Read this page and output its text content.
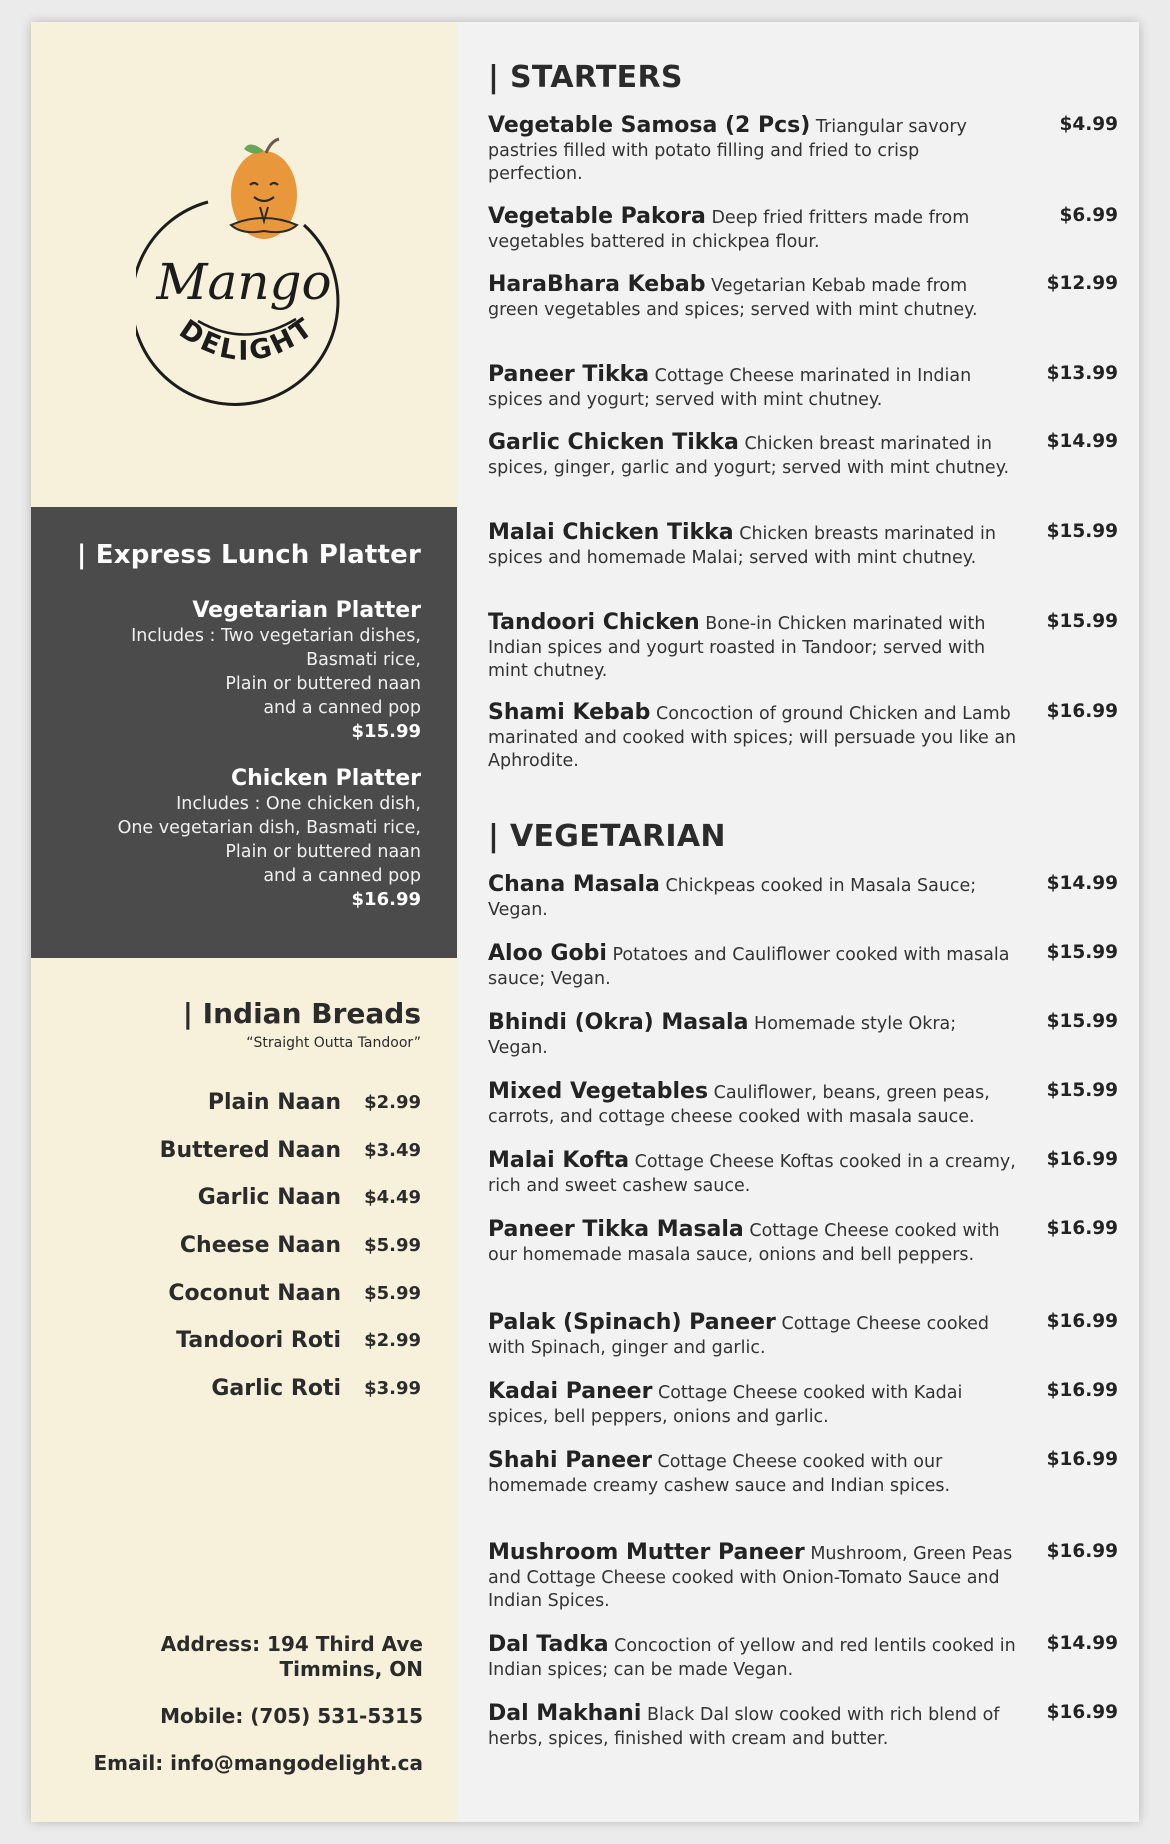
Mango
DELIGHT
| Express Lunch Platter
Vegetarian Platter
Includes : Two vegetarian dishes,
Basmati rice,
Plain or buttered naan
and a canned pop
$15.99
Chicken Platter
Includes : One chicken dish,
One vegetarian dish, Basmati rice,
Plain or buttered naan
and a canned pop
$16.99
| Indian Breads
“Straight Outta Tandoor”
Plain Naan	$2.99
Buttered Naan	$3.49
Garlic Naan	$4.49
Cheese Naan	$5.99
Coconut Naan	$5.99
Tandoori Roti	$2.99
Garlic Roti	$3.99
Address: 194 Third Ave
Timmins, ON
Mobile: (705) 531-5315
Email: info@mangodelight.ca
| STARTERS
Vegetable Samosa (2 Pcs) Triangular savory pastries filled with potato filling and fried to crisp perfection.
$4.99
Vegetable Pakora Deep fried fritters made from vegetables battered in chickpea flour.
$6.99
HaraBhara Kebab Vegetarian Kebab made from green vegetables and spices; served with mint chutney.
$12.99
Paneer Tikka Cottage Cheese marinated in Indian spices and yogurt; served with mint chutney.
$13.99
Garlic Chicken Tikka Chicken breast marinated in spices, ginger, garlic and yogurt; served with mint chutney.
$14.99
Malai Chicken Tikka Chicken breasts marinated in spices and homemade Malai; served with mint chutney.
$15.99
Tandoori Chicken Bone-in Chicken marinated with Indian spices and yogurt roasted in Tandoor; served with mint chutney.
$15.99
Shami Kebab Concoction of ground Chicken and Lamb marinated and cooked with spices; will persuade you like an Aphrodite.
$16.99
| VEGETARIAN
Chana Masala Chickpeas cooked in Masala Sauce; Vegan.
$14.99
Aloo Gobi Potatoes and Cauliflower cooked with masala sauce; Vegan.
$15.99
Bhindi (Okra) Masala Homemade style Okra; Vegan.
$15.99
Mixed Vegetables Cauliflower, beans, green peas, carrots, and cottage cheese cooked with masala sauce.
$15.99
Malai Kofta Cottage Cheese Koftas cooked in a creamy, rich and sweet cashew sauce.
$16.99
Paneer Tikka Masala Cottage Cheese cooked with our homemade masala sauce, onions and bell peppers.
$16.99
Palak (Spinach) Paneer Cottage Cheese cooked with Spinach, ginger and garlic.
$16.99
Kadai Paneer Cottage Cheese cooked with Kadai spices, bell peppers, onions and garlic.
$16.99
Shahi Paneer Cottage Cheese cooked with our homemade creamy cashew sauce and Indian spices.
$16.99
Mushroom Mutter Paneer Mushroom, Green Peas and Cottage Cheese cooked with Onion-Tomato Sauce and Indian Spices.
$16.99
Dal Tadka Concoction of yellow and red lentils cooked in Indian spices; can be made Vegan.
$14.99
Dal Makhani Black Dal slow cooked with rich blend of herbs, spices, finished with cream and butter.
$16.99
